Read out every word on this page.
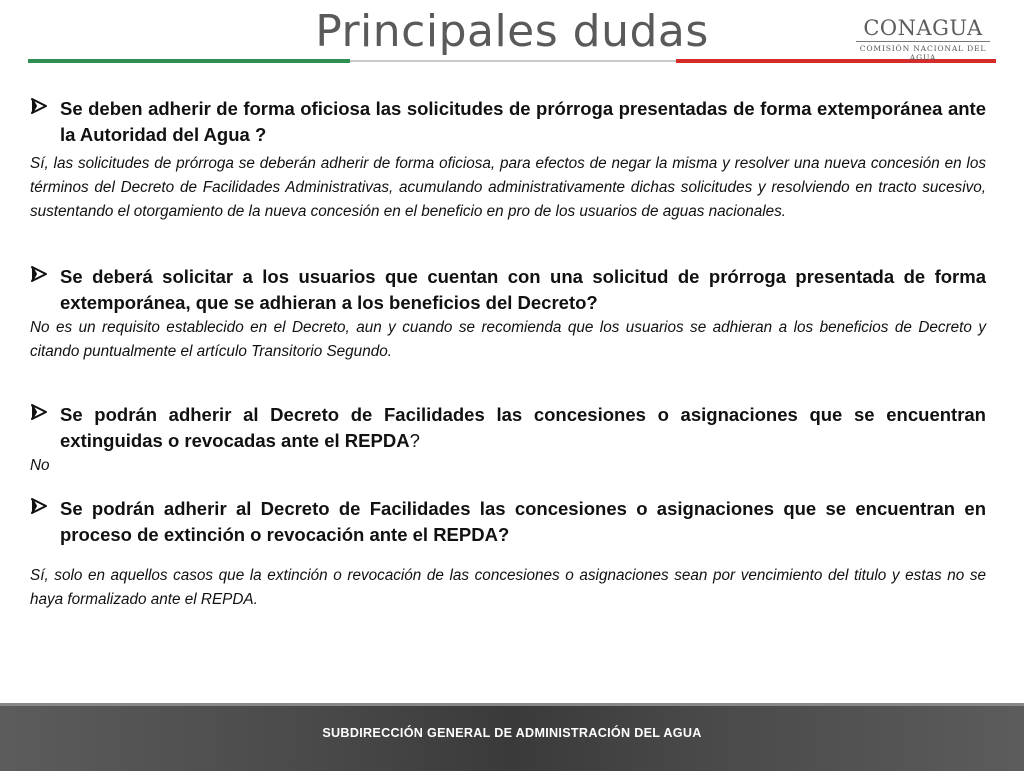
Principales dudas	CONAGUA
COMISIÓN NACIONAL DEL AGUA
Se deben adherir de forma oficiosa las solicitudes de prórroga presentadas de forma extemporánea ante la Autoridad del Agua ?
Sí, las solicitudes de prórroga se deberán adherir de forma oficiosa, para efectos de negar la misma y resolver una nueva concesión en los términos del Decreto de Facilidades Administrativas, acumulando administrativamente dichas solicitudes y resolviendo en tracto sucesivo, sustentando el otorgamiento de la nueva concesión en el beneficio en pro de los usuarios de aguas nacionales.
Se deberá solicitar a los usuarios que cuentan con una solicitud de prórroga presentada de forma extemporánea, que se adhieran a los beneficios del Decreto?
No es un requisito establecido en el Decreto, aun y cuando se recomienda que los usuarios se adhieran a los beneficios de Decreto y citando puntualmente el artículo Transitorio Segundo.
Se podrán adherir al Decreto de Facilidades las concesiones o asignaciones que se encuentran extinguidas o revocadas ante el REPDA?
No
Se podrán adherir al Decreto de Facilidades las concesiones o asignaciones que se encuentran en proceso de extinción o revocación ante el REPDA?
Sí, solo en aquellos casos que la extinción o revocación de las concesiones o asignaciones sean por vencimiento del titulo y estas no se haya formalizado ante el REPDA.
SUBDIRECCIÓN GENERAL DE ADMINISTRACIÓN DEL AGUA
